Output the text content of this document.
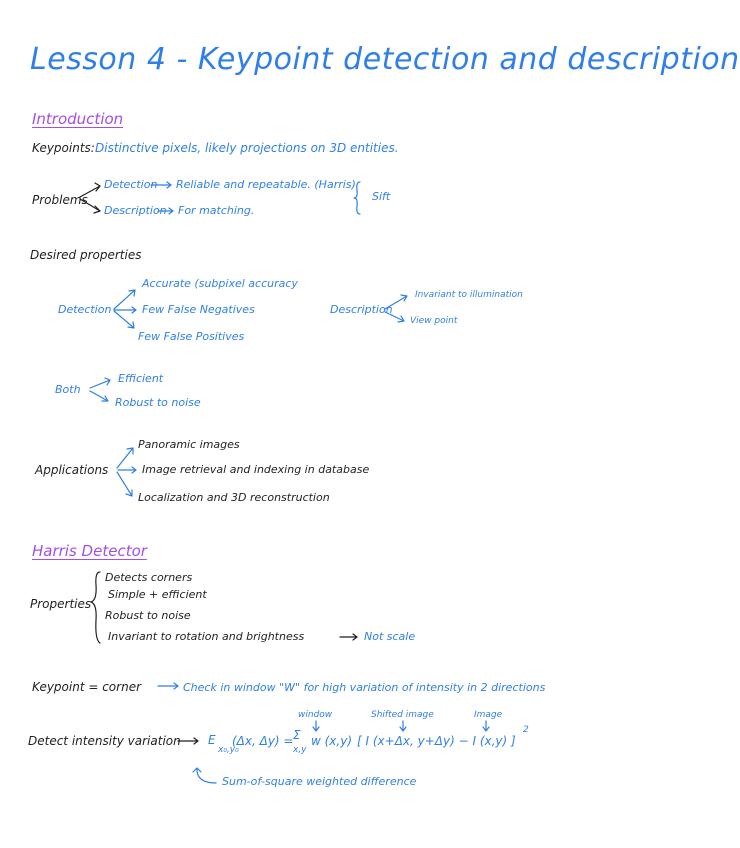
Lesson 4 - Keypoint detection and description
Introduction
Keypoints: Distinctive pixels, likely projections on 3D entities.
Problems
Detection Reliable and repeatable. (Harris)
Description For matching.
Sift
Desired properties
Detection
Accurate (subpixel accuracy
Few False Negatives
Few False Positives
Description
Invariant to illumination
View point
Both
Efficient
Robust to noise
Applications
Panoramic images
Image retrieval and indexing in database
Localization and 3D reconstruction
Harris Detector
Properties
Detects corners
Simple + efficient
Robust to noise
Invariant to rotation and brightness	Not scale
Keypoint = corner	Check in window "W" for high variation of intensity in 2 directions
window	Shifted image	Image
Detect intensity variation E
x₀,y₀
(Δx, Δy) = Σ
x,y
w (x,y) [ I (x+Δx, y+Δy) − I (x,y) ]
2
Sum-of-square weighted difference
